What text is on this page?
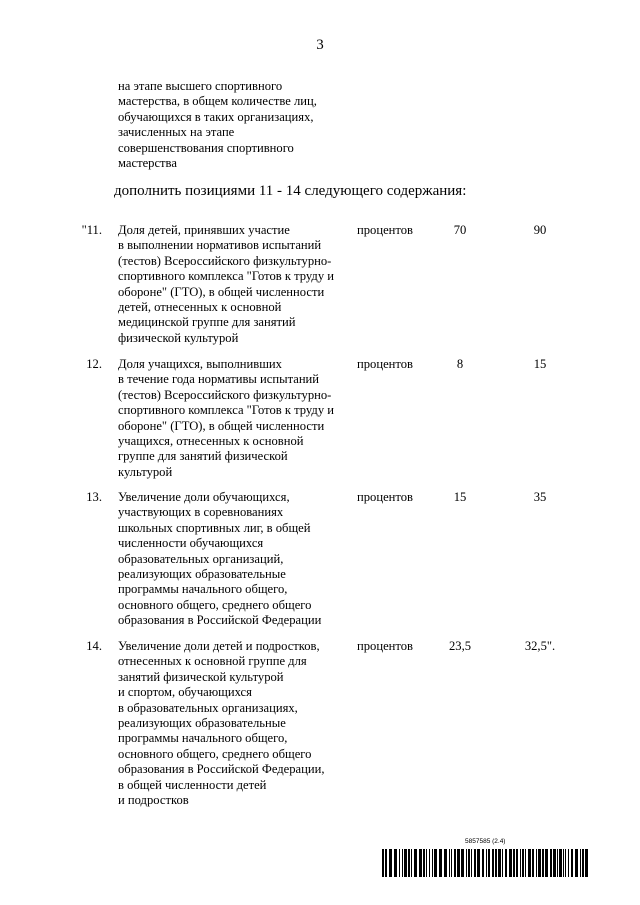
3
на этапе высшего спортивного
мастерства, в общем количестве лиц,
обучающихся в таких организациях,
зачисленных на этапе
совершенствования спортивного
мастерства
дополнить позициями 11 - 14 следующего содержания:
"11. Доля детей, принявших участие
в выполнении нормативов испытаний
(тестов) Всероссийского физкультурно-
спортивного комплекса "Готов к труду и
обороне" (ГТО), в общей численности
детей, отнесенных к основной
медицинской группе для занятий
физической культурой
процентов	70	90
12. Доля учащихся, выполнивших
в течение года нормативы испытаний
(тестов) Всероссийского физкультурно-
спортивного комплекса "Готов к труду и
обороне" (ГТО), в общей численности
учащихся, отнесенных к основной
группе для занятий физической
культурой
процентов	8	15
13. Увеличение доли обучающихся,
участвующих в соревнованиях
школьных спортивных лиг, в общей
численности обучающихся
образовательных организаций,
реализующих образовательные
программы начального общего,
основного общего, среднего общего
образования в Российской Федерации
процентов	15	35
14. Увеличение доли детей и подростков,
отнесенных к основной группе для
занятий физической культурой
и спортом, обучающихся
в образовательных организациях,
реализующих образовательные
программы начального общего,
основного общего, среднего общего
образования в Российской Федерации,
в общей численности детей
и подростков
процентов	23,5	32,5".
5857585 (2.4)
